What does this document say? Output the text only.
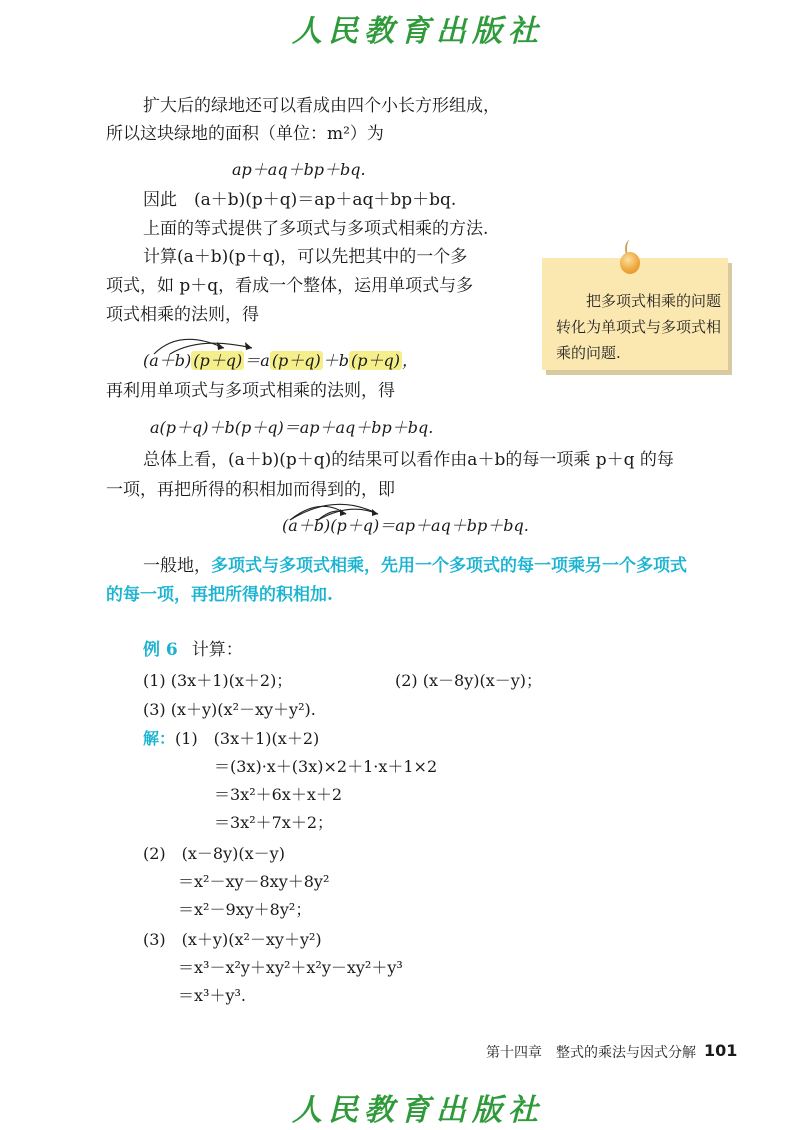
人民教育出版社
扩大后的绿地还可以看成由四个小长方形组成，
所以这块绿地的面积（单位：m²）为
ap＋aq＋bp＋bq.
因此　(a＋b)(p＋q)＝ap＋aq＋bp＋bq.
上面的等式提供了多项式与多项式相乘的方法.
计算(a＋b)(p＋q)，可以先把其中的一个多
项式，如 p＋q，看成一个整体，运用单项式与多
项式相乘的法则，得
(a＋b) (p＋q) ＝a (p＋q) ＋b (p＋q) ，
再利用单项式与多项式相乘的法则，得
a(p＋q)＋b(p＋q)＝ap＋aq＋bp＋bq.
总体上看，(a＋b)(p＋q)的结果可以看作由a＋b的每一项乘 p＋q 的每
一项，再把所得的积相加而得到的，即
(a＋b)(p＋q)＝ap＋aq＋bp＋bq.
一般地，多项式与多项式相乘，先用一个多项式的每一项乘另一个多项式
的每一项，再把所得的积相加.
把多项式相乘的问题转化为单项式与多项式相乘的问题.
例 6 计算：
(1) (3x＋1)(x＋2)；	(2) (x－8y)(x－y)；
(3) (x＋y)(x²－xy＋y²).
解：(1)　(3x＋1)(x＋2)
＝(3x)·x＋(3x)×2＋1·x＋1×2
＝3x²＋6x＋x＋2
＝3x²＋7x＋2；
(2)　(x－8y)(x－y)
＝x²－xy－8xy＋8y²
＝x²－9xy＋8y²；
(3)　(x＋y)(x²－xy＋y²)
＝x³－x²y＋xy²＋x²y－xy²＋y³
＝x³＋y³.
第十四章　整式的乘法与因式分解 101
人民教育出版社
